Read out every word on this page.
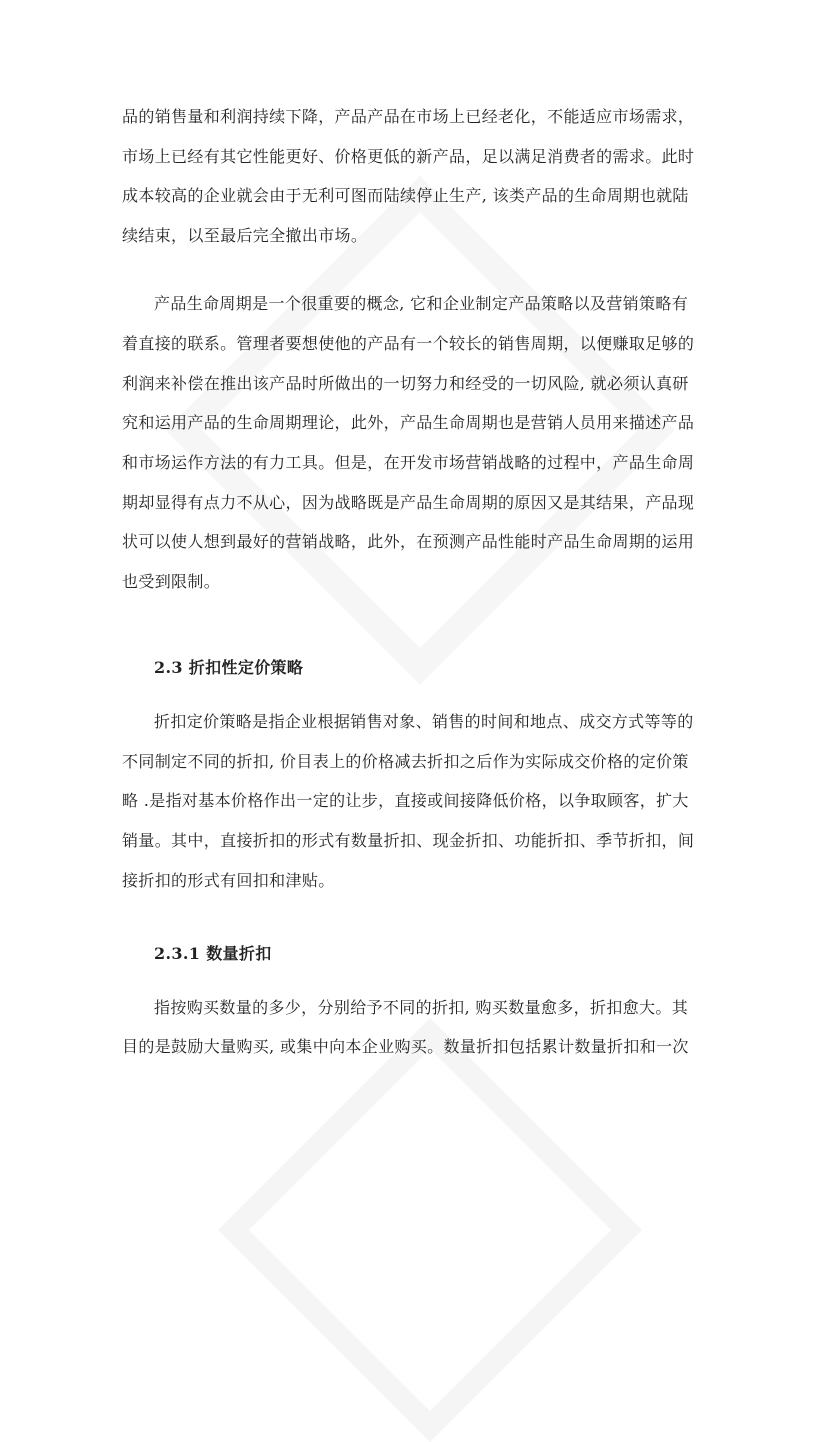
品的销售量和利润持续下降，产品产品在市场上已经老化，不能适应市场需求，
市场上已经有其它性能更好、价格更低的新产品，足以满足消费者的需求。此时
成本较高的企业就会由于无利可图而陆续停止生产, 该类产品的生命周期也就陆
续结束，以至最后完全撤出市场。
产品生命周期是一个很重要的概念, 它和企业制定产品策略以及营销策略有
着直接的联系。管理者要想使他的产品有一个较长的销售周期，以便赚取足够的
利润来补偿在推出该产品时所做出的一切努力和经受的一切风险, 就必须认真研
究和运用产品的生命周期理论，此外，产品生命周期也是营销人员用来描述产品
和市场运作方法的有力工具。但是，在开发市场营销战略的过程中，产品生命周
期却显得有点力不从心，因为战略既是产品生命周期的原因又是其结果，产品现
状可以使人想到最好的营销战略，此外，在预测产品性能时产品生命周期的运用
也受到限制。
2.3 折扣性定价策略
折扣定价策略是指企业根据销售对象、销售的时间和地点、成交方式等等的
不同制定不同的折扣, 价目表上的价格减去折扣之后作为实际成交价格的定价策
略 .是指对基本价格作出一定的让步，直接或间接降低价格，以争取顾客，扩大
销量。其中，直接折扣的形式有数量折扣、现金折扣、功能折扣、季节折扣，间
接折扣的形式有回扣和津贴。
2.3.1 数量折扣
指按购买数量的多少，分别给予不同的折扣, 购买数量愈多，折扣愈大。其
目的是鼓励大量购买, 或集中向本企业购买。数量折扣包括累计数量折扣和一次
